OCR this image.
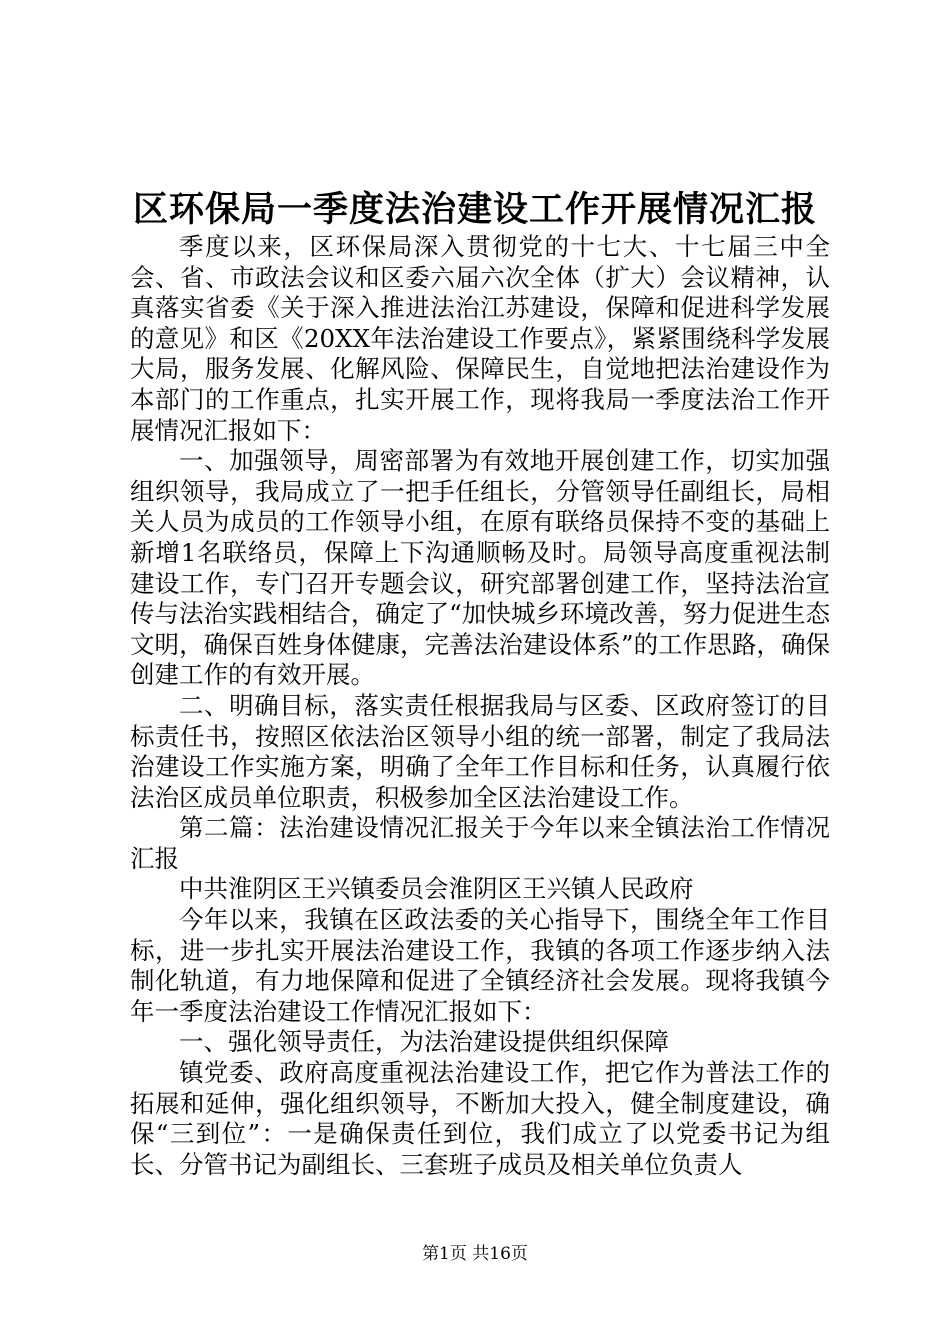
区环保局一季度法治建设工作开展情况汇报

季度以来，区环保局深入贯彻党的十七大、十七届三中全会、省、市政法会议和区委六届六次全体（扩大）会议精神，认真落实省委《关于深入推进法治江苏建设，保障和促进科学发展的意见》和区《20XX年法治建设工作要点》，紧紧围绕科学发展大局，服务发展、化解风险、保障民生，自觉地把法治建设作为本部门的工作重点，扎实开展工作，现将我局一季度法治工作开展情况汇报如下：

一、加强领导，周密部署为有效地开展创建工作，切实加强组织领导，我局成立了一把手任组长，分管领导任副组长，局相关人员为成员的工作领导小组，在原有联络员保持不变的基础上新增1名联络员，保障上下沟通顺畅及时。局领导高度重视法制建设工作，专门召开专题会议，研究部署创建工作，坚持法治宣传与法治实践相结合，确定了“加快城乡环境改善，努力促进生态文明，确保百姓身体健康，完善法治建设体系”的工作思路，确保创建工作的有效开展。

二、明确目标，落实责任根据我局与区委、区政府签订的目标责任书，按照区依法治区领导小组的统一部署，制定了我局法治建设工作实施方案，明确了全年工作目标和任务，认真履行依法治区成员单位职责，积极参加全区法治建设工作。

第二篇：法治建设情况汇报关于今年以来全镇法治工作情况汇报

中共淮阴区王兴镇委员会淮阴区王兴镇人民政府

今年以来，我镇在区政法委的关心指导下，围绕全年工作目标，进一步扎实开展法治建设工作，我镇的各项工作逐步纳入法制化轨道，有力地保障和促进了全镇经济社会发展。现将我镇今年一季度法治建设工作情况汇报如下：

一、强化领导责任，为法治建设提供组织保障

镇党委、政府高度重视法治建设工作，把它作为普法工作的拓展和延伸，强化组织领导，不断加大投入，健全制度建设，确保“三到位”：一是确保责任到位，我们成立了以党委书记为组长、分管书记为副组长、三套班子成员及相关单位负责人

第1页 共16页
